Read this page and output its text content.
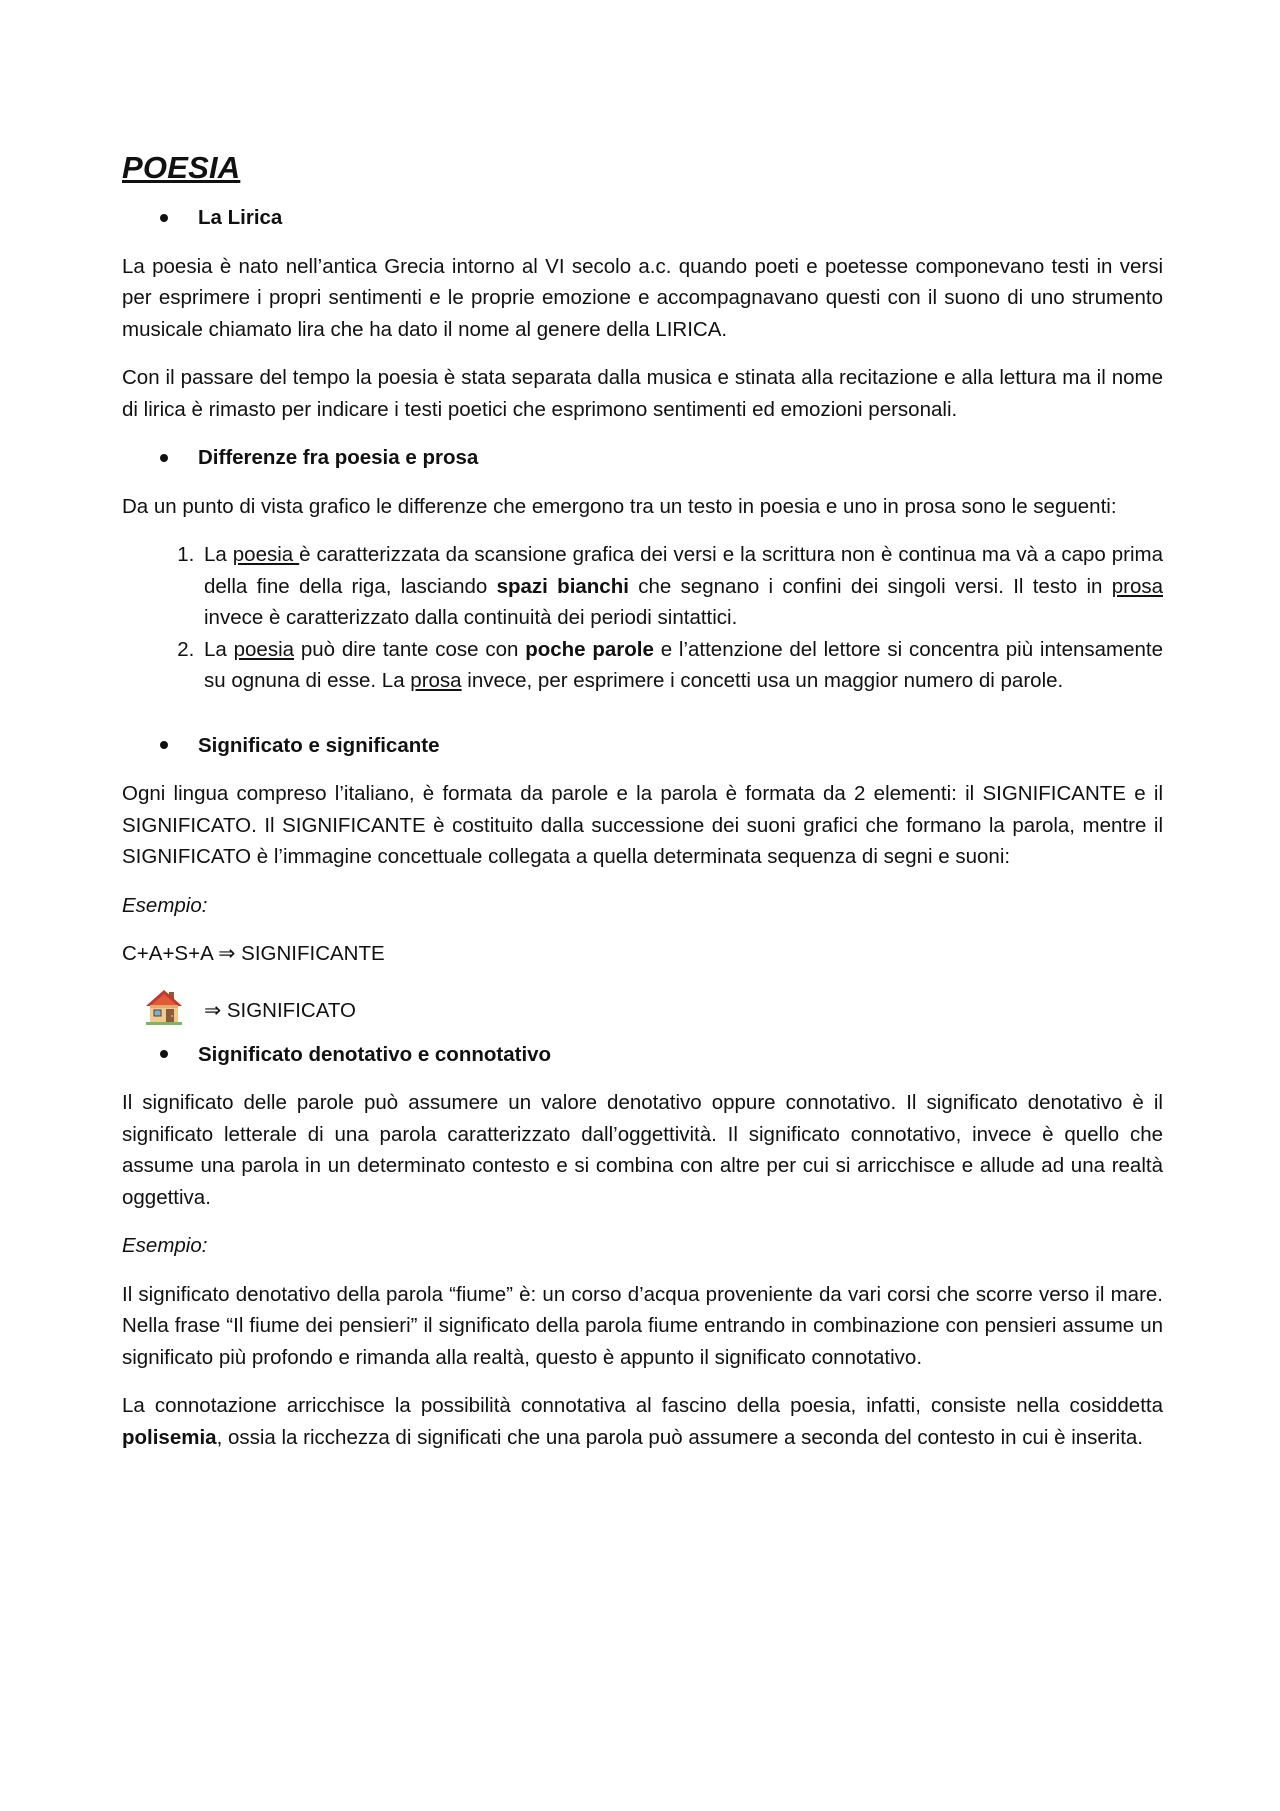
POESIA
La Lirica

La poesia è nato nell’antica Grecia intorno al VI secolo a.c. quando poeti e poetesse componevano testi in versi per esprimere i propri sentimenti e le proprie emozione e accompagnavano questi con il suono di uno strumento musicale chiamato lira che ha dato il nome al genere della LIRICA.

Con il passare del tempo la poesia è stata separata dalla musica e stinata alla recitazione e alla lettura ma il nome di lirica è rimasto per indicare i testi poetici che esprimono sentimenti ed emozioni personali.

Differenze fra poesia e prosa

Da un punto di vista grafico le differenze che emergono tra un testo in poesia e uno in prosa sono le seguenti:

1. La poesia è caratterizzata da scansione grafica dei versi e la scrittura non è continua ma và a capo prima della fine della riga, lasciando spazi bianchi che segnano i confini dei singoli versi. Il testo in prosa invece è caratterizzato dalla continuità dei periodi sintattici.
2. La poesia può dire tante cose con poche parole e l’attenzione del lettore si concentra più intensamente su ognuna di esse. La prosa invece, per esprimere i concetti usa un maggior numero di parole.
Significato e significante

Ogni lingua compreso l’italiano, è formata da parole e la parola è formata da 2 elementi: il SIGNIFICANTE e il SIGNIFICATO. Il SIGNIFICANTE è costituito dalla successione dei suoni grafici che formano la parola, mentre il SIGNIFICATO è l’immagine concettuale collegata a quella determinata sequenza di segni e suoni:

Esempio:

C+A+S+A ⇒ SIGNIFICANTE

⇒ SIGNIFICATO
Significato denotativo e connotativo

Il significato delle parole può assumere un valore denotativo oppure connotativo. Il significato denotativo è il significato letterale di una parola caratterizzato dall’oggettività. Il significato connotativo, invece è quello che assume una parola in un determinato contesto e si combina con altre per cui si arricchisce e allude ad una realtà oggettiva.

Esempio:

Il significato denotativo della parola “fiume” è: un corso d’acqua proveniente da vari corsi che scorre verso il mare. Nella frase “Il fiume dei pensieri” il significato della parola fiume entrando in combinazione con pensieri assume un significato più profondo e rimanda alla realtà, questo è appunto il significato connotativo.

La connotazione arricchisce la possibilità connotativa al fascino della poesia, infatti, consiste nella cosiddetta polisemia, ossia la ricchezza di significati che una parola può assumere a seconda del contesto in cui è inserita.
